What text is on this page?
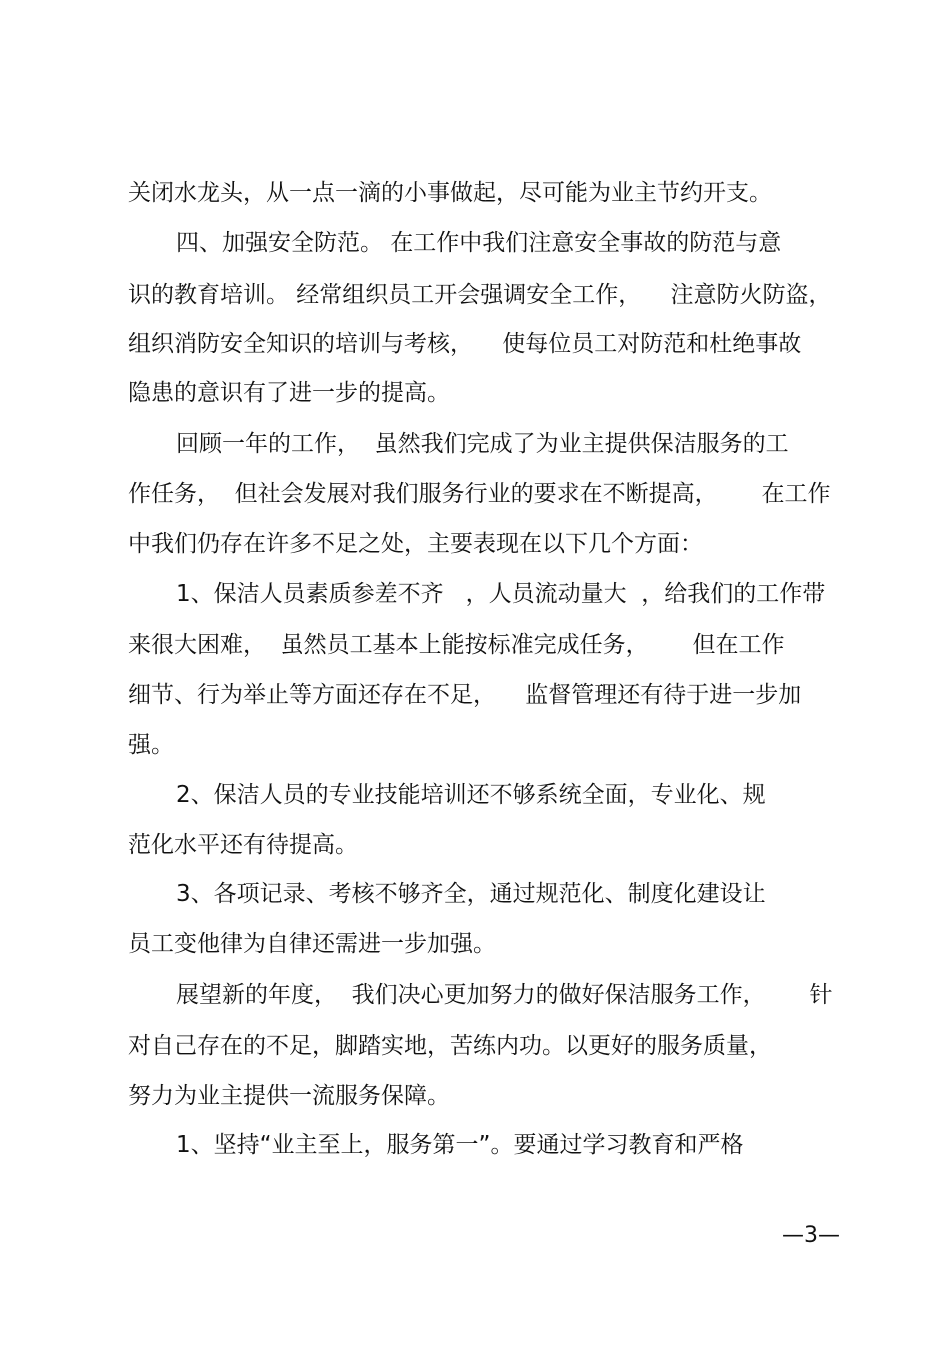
关闭水龙头，从一点一滴的小事做起，尽可能为业主节约开支。
四、加强安全防范。 在工作中我们注意安全事故的防范与意
识的教育培训。 经常组织员工开会强调安全工作，    注意防火防盗，
组织消防安全知识的培训与考核，    使每位员工对防范和杜绝事故
隐患的意识有了进一步的提高。
回顾一年的工作，  虽然我们完成了为业主提供保洁服务的工
作任务，  但社会发展对我们服务行业的要求在不断提高，      在工作
中我们仍存在许多不足之处，主要表现在以下几个方面：
1、保洁人员素质参差不齐   ，人员流动量大  ，给我们的工作带
来很大困难，  虽然员工基本上能按标准完成任务，      但在工作
细节、行为举止等方面还存在不足，    监督管理还有待于进一步加
强。
2、保洁人员的专业技能培训还不够系统全面，专业化、规
范化水平还有待提高。
3、各项记录、考核不够齐全，通过规范化、制度化建设让
员工变他律为自律还需进一步加强。
展望新的年度，  我们决心更加努力的做好保洁服务工作，      针
对自己存在的不足，脚踏实地，苦练内功。以更好的服务质量，
努力为业主提供一流服务保障。
1、坚持“业主至上，服务第一”。要通过学习教育和严格
—3—
